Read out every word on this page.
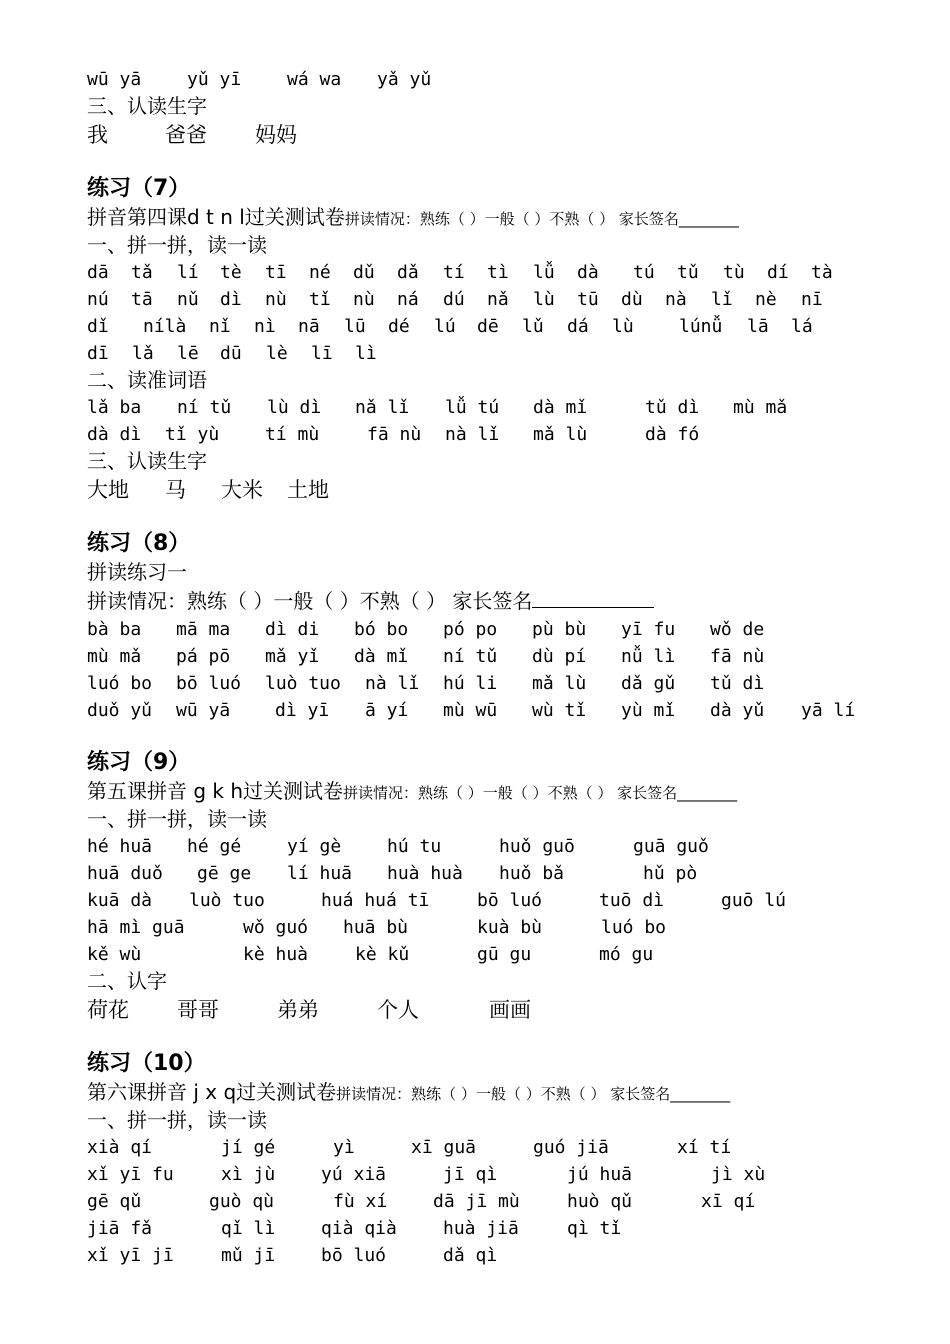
wū yā	yǔ yī	wá wa yǎ yǔ
三、认读生字
我	爸爸 妈妈
练习（7）
拼音第四课d t n l过关测试卷拼读情况：熟练（ ）一般（ ）不熟（ ） 家长签名________
一、拼一拼，读一读
dā tǎ lí tè tī né dǔ dǎ tí tì lǚ dà tú tǔ tù dí tà
nú tā nǔ dì nù tǐ nù ná dú nǎ lù tū dù nà lǐ nè nī
dǐ nílà nǐ nì nā lū dé lú dē lǔ dá lù	lúnǚ lā lá
dī lǎ lē dū lè lī lì
二、读准词语
lǎ ba ní tǔ lù dì nǎ lǐ lǚ tú dà mǐ	tǔ dì mù mǎ
dà dì tǐ yù	tí mù	fā nù nà lǐ mǎ lù	dà fó
三、认读生字
大地 马 大米 土地
练习（8）
拼读练习一
拼读情况：熟练（ ）一般（ ）不熟（ ） 家长签名
bà ba mā ma dì di bó bo pó po pù bù yī fu wǒ de
mù mǎ pá pō mǎ yǐ dà mǐ ní tǔ dù pí nǚ lì fā nù
luó bo bō luó luò tuo nà lǐ hú li mǎ lù dǎ gǔ tǔ dì
duǒ yǔ wū yā dì yī ā yí mù wū wù tǐ yù mǐ dà yǔ yā lí
练习（9）
第五课拼音 g k h过关测试卷拼读情况：熟练（ ）一般（ ）不熟（ ） 家长签名________
一、拼一拼，读一读
hé huā hé gé	yí gè	hú tu	huǒ guō	guā guǒ
huā duǒ gē ge lí huā huà huà huǒ bǎ	hǔ pò
kuā dà luò tuo	huá huá tī	bō luó	tuō dì	guō lú
hā mì guā	wǒ guó huā bù	kuà bù	luó bo
kě wù	kè huà	kè kǔ	gū gu	mó gu
二、认字
荷花 哥哥	弟弟	个人	画画
练习（10）
第六课拼音 j x q过关测试卷拼读情况：熟练（ ）一般（ ）不熟（ ） 家长签名________
一、拼一拼，读一读
xià qí	jí gé	yì	xī guā	guó jiā	xí tí
xǐ yī fu	xì jù	yú xiā	jī qì	jú huā	jì xù
gē qǔ	guò qù	fù xí	dā jī mù	huò qǔ	xī qí
jiā fǎ	qǐ lì	qià qià	huà jiā	qì tǐ
xǐ yī jī	mǔ jī	bō luó	dǎ qì
